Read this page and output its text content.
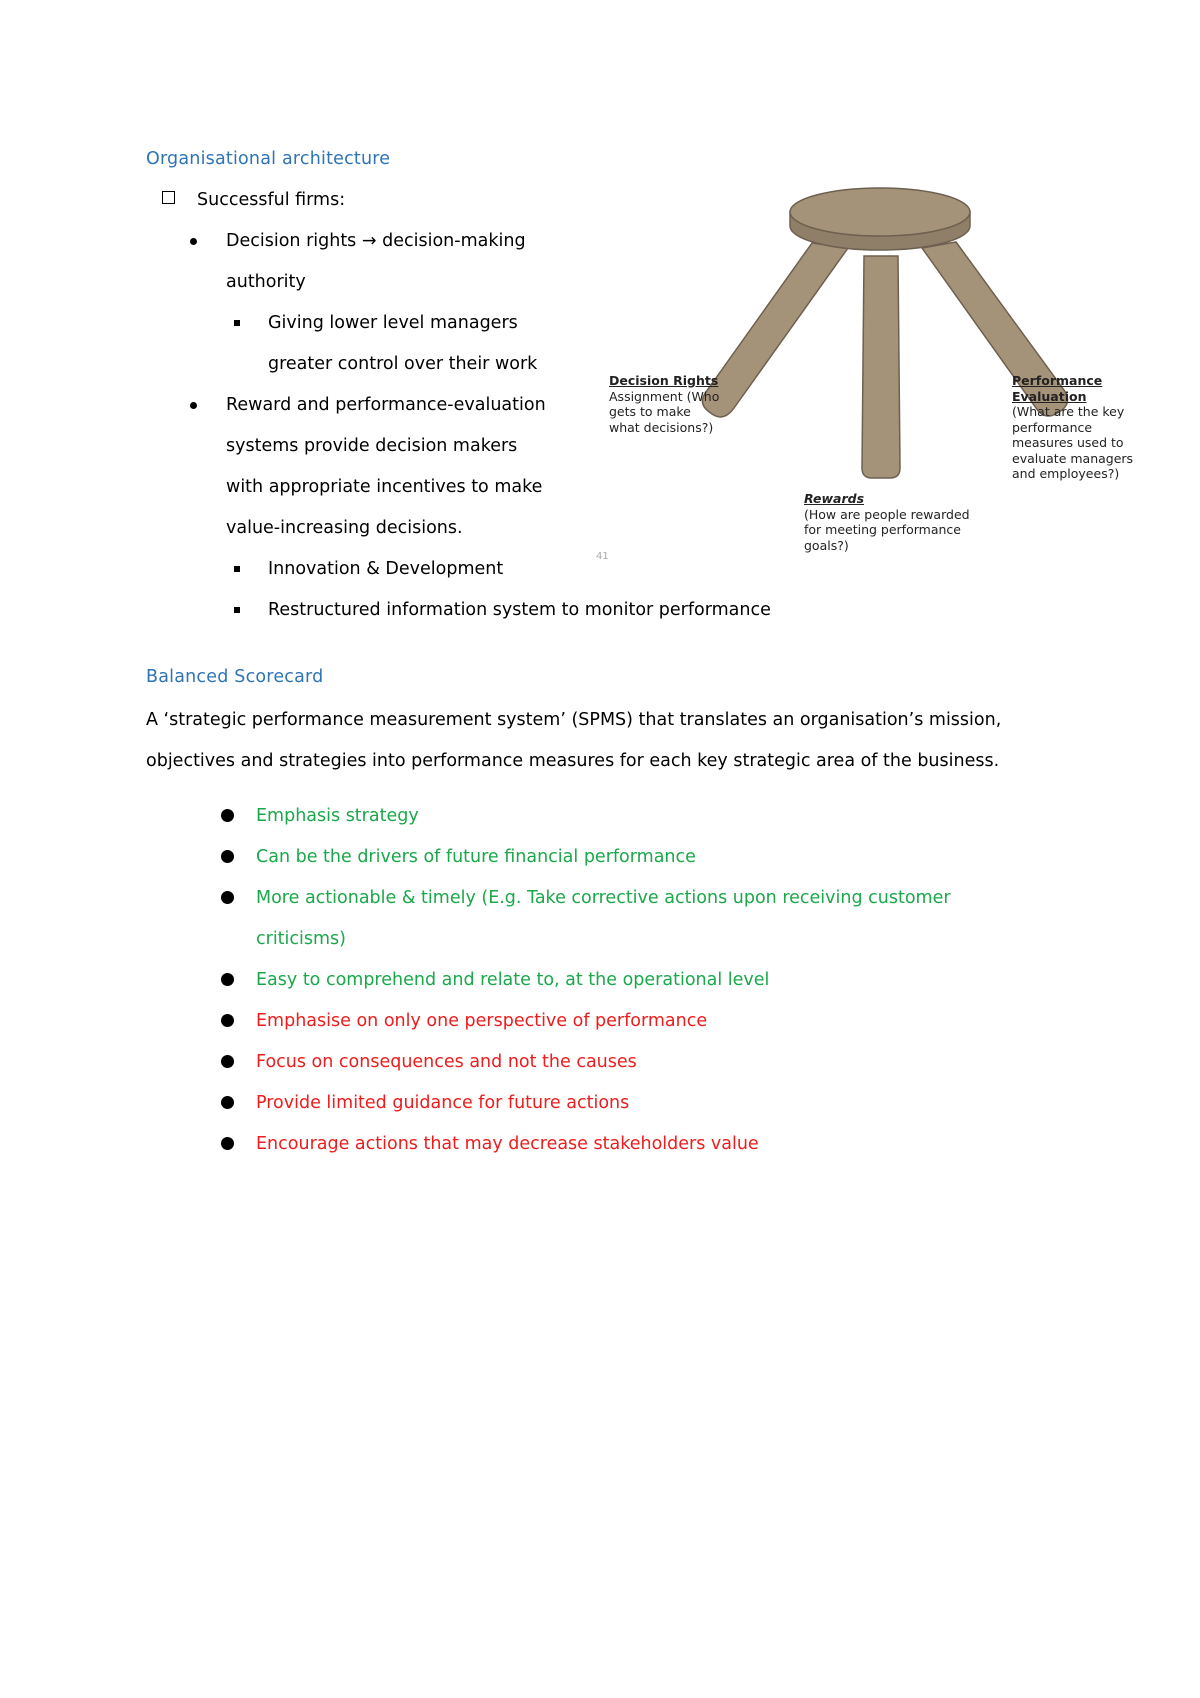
Organisational architecture
Successful firms:
Decision rights → decision-making
authority
Giving lower level managers
greater control over their work
Reward and performance-evaluation
systems provide decision makers
with appropriate incentives to make
value-increasing decisions.
Innovation & Development
Restructured information system to monitor performance
Decision Rights
Assignment (Who
gets to make
what decisions?)
Performance
Evaluation
(What are the key
performance
measures used to
evaluate managers
and employees?)
Rewards
(How are people rewarded
for meeting performance
goals?)
41
Balanced Scorecard
A ‘strategic performance measurement system’ (SPMS) that translates an organisation’s mission,
objectives and strategies into performance measures for each key strategic area of the business.
Emphasis strategy
Can be the drivers of future financial performance
More actionable & timely (E.g. Take corrective actions upon receiving customer
criticisms)
Easy to comprehend and relate to, at the operational level
Emphasise on only one perspective of performance
Focus on consequences and not the causes
Provide limited guidance for future actions
Encourage actions that may decrease stakeholders value
